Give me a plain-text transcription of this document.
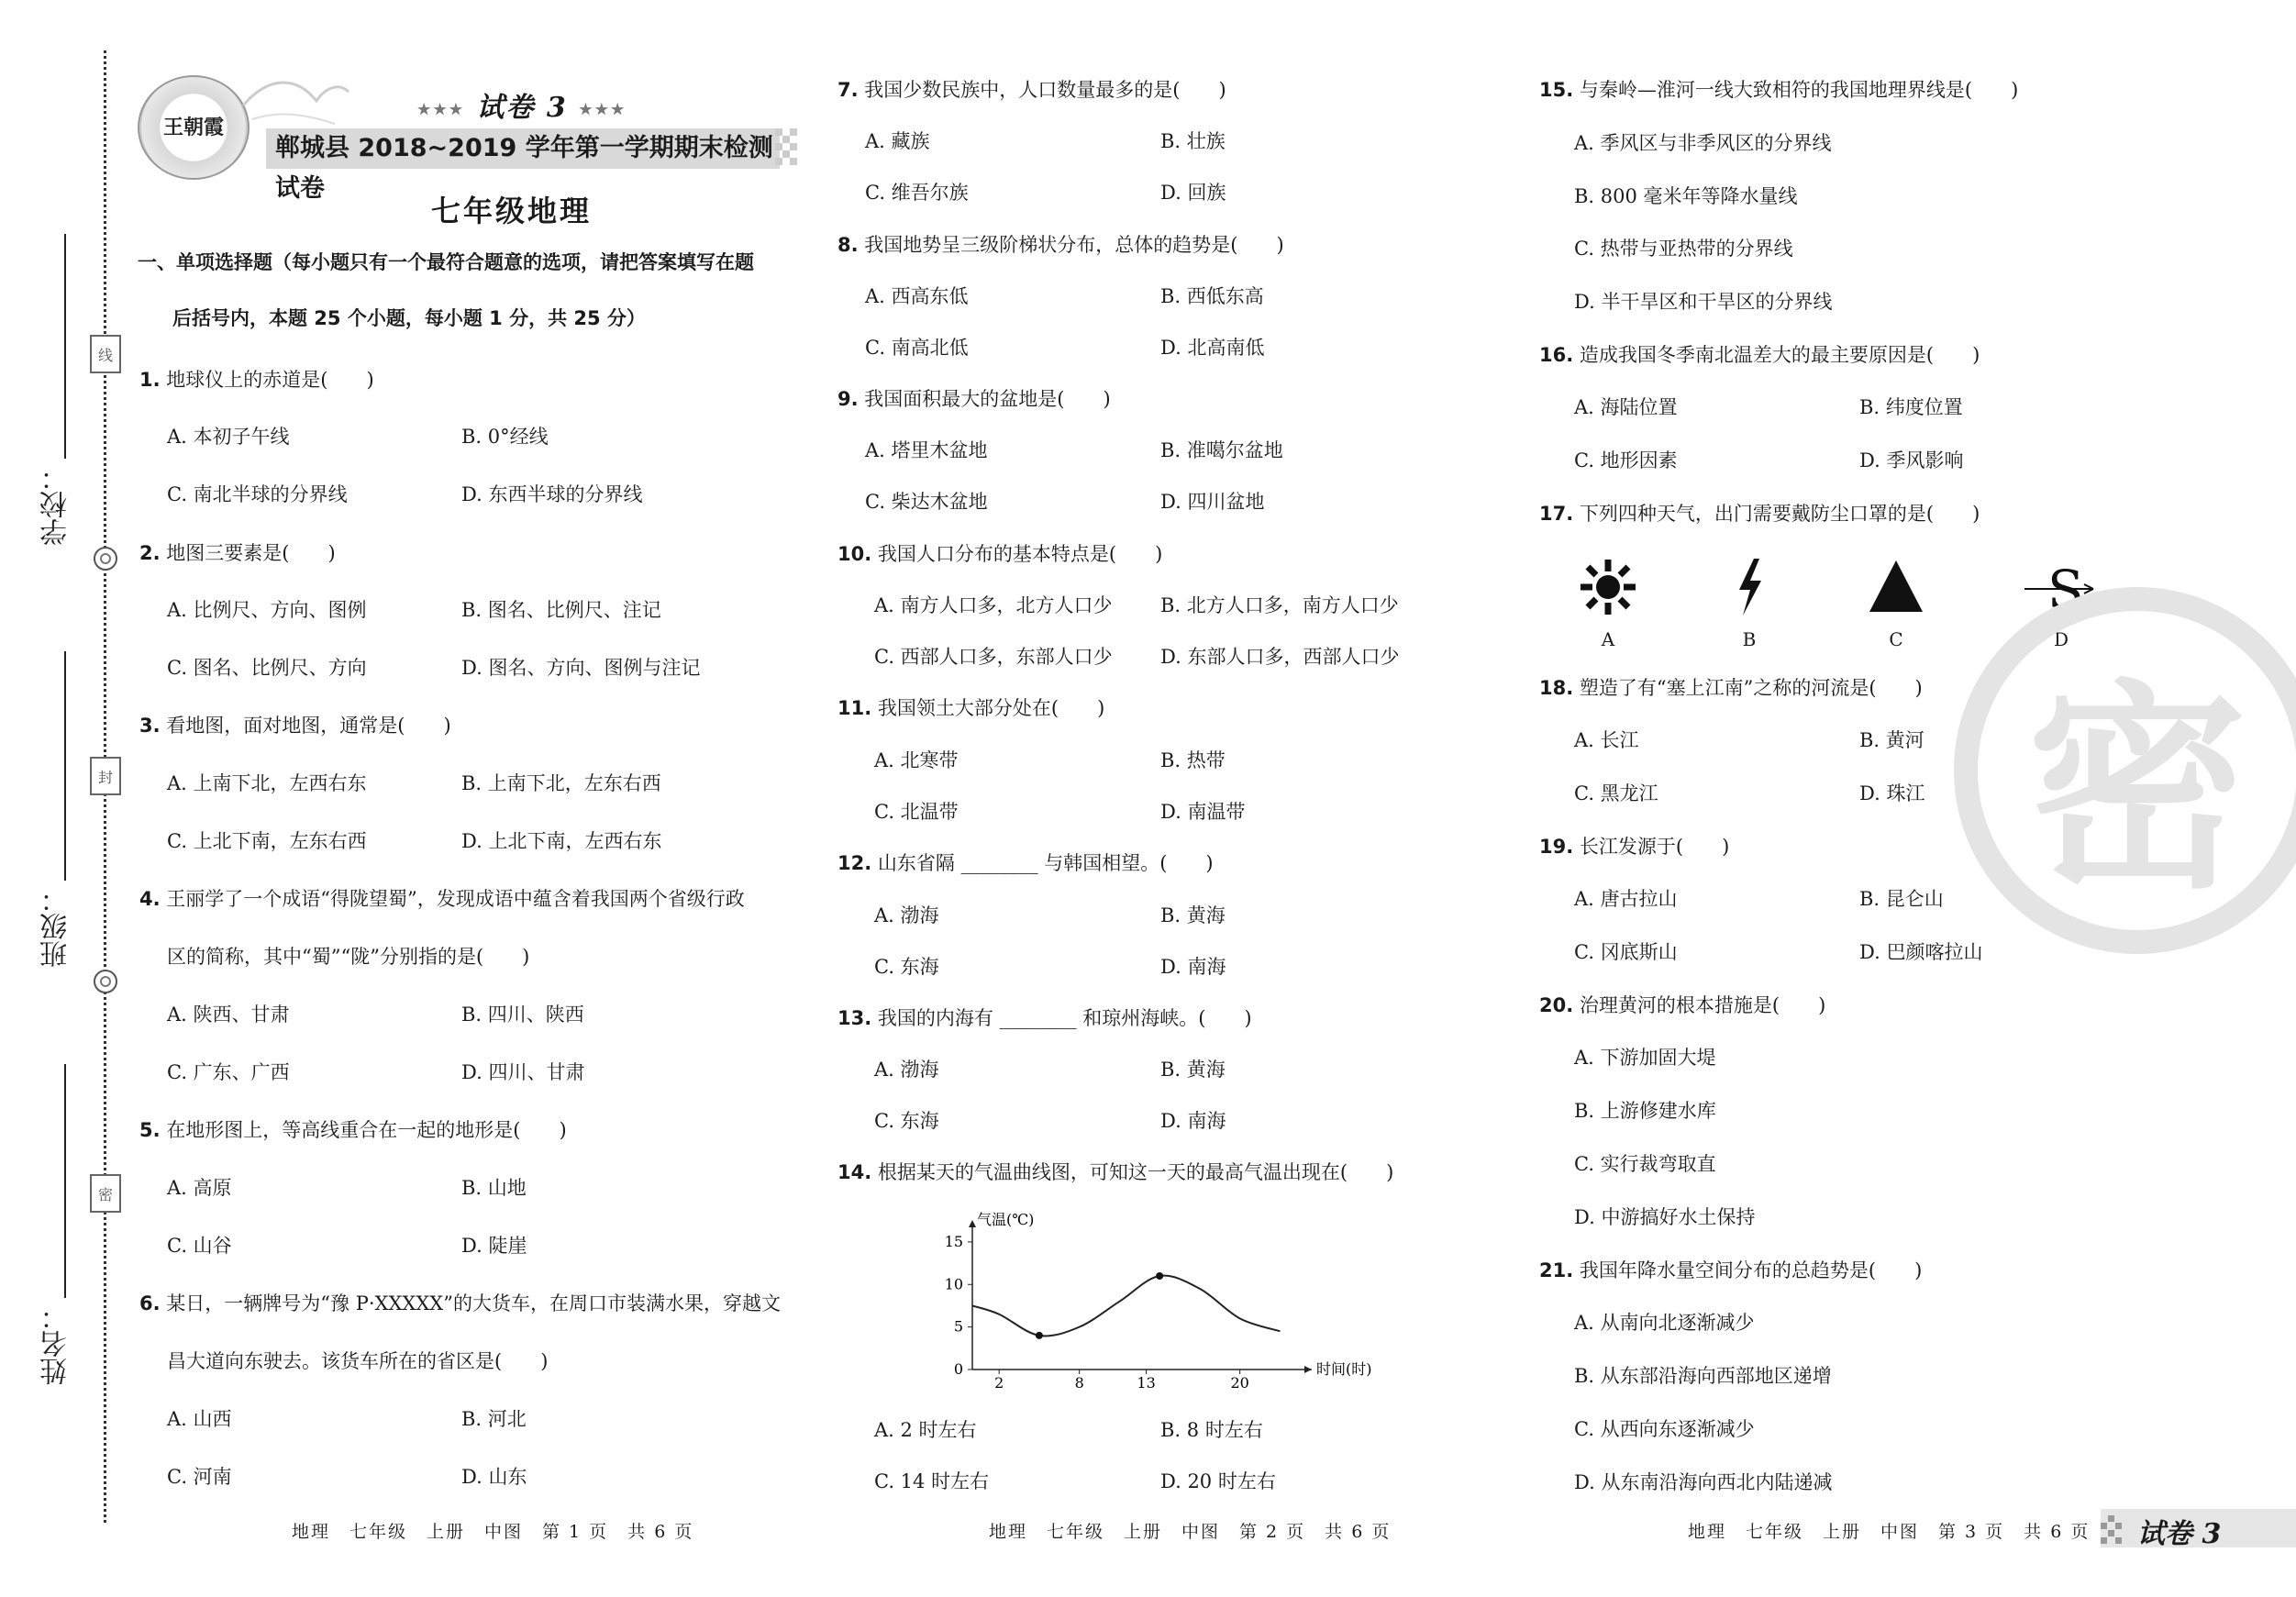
学校：
班级：
姓名：
线
封
密
王朝霞
★★★ 试卷 3 ★★★
郸城县 2018~2019 学年第一学期期末检测试卷
七年级地理
一、单项选择题（每小题只有一个最符合题意的选项，请把答案填写在题
后括号内，本题 25 个小题，每小题 1 分，共 25 分）
1. 地球仪上的赤道是(　　)
A. 本初子午线	B. 0°经线
C. 南北半球的分界线	D. 东西半球的分界线
2. 地图三要素是(　　)
A. 比例尺、方向、图例	B. 图名、比例尺、注记
C. 图名、比例尺、方向	D. 图名、方向、图例与注记
3. 看地图，面对地图，通常是(　　)
A. 上南下北，左西右东	B. 上南下北，左东右西
C. 上北下南，左东右西	D. 上北下南，左西右东
4. 王丽学了一个成语“得陇望蜀”，发现成语中蕴含着我国两个省级行政
区的简称，其中“蜀”“陇”分别指的是(　　)
A. 陕西、甘肃	B. 四川、陕西
C. 广东、广西	D. 四川、甘肃
5. 在地形图上，等高线重合在一起的地形是(　　)
A. 高原	B. 山地
C. 山谷	D. 陡崖
6. 某日，一辆牌号为“豫 P·XXXXX”的大货车，在周口市装满水果，穿越文
昌大道向东驶去。该货车所在的省区是(　　)
A. 山西	B. 河北
C. 河南	D. 山东
地理　七年级　上册　中图　第 1 页　共 6 页
7. 我国少数民族中，人口数量最多的是(　　)
A. 藏族	B. 壮族
C. 维吾尔族	D. 回族
8. 我国地势呈三级阶梯状分布，总体的趋势是(　　)
A. 西高东低	B. 西低东高
C. 南高北低	D. 北高南低
9. 我国面积最大的盆地是(　　)
A. 塔里木盆地	B. 准噶尔盆地
C. 柴达木盆地	D. 四川盆地
10. 我国人口分布的基本特点是(　　)
A. 南方人口多，北方人口少 B. 北方人口多，南方人口少
C. 西部人口多，东部人口少 D. 东部人口多，西部人口少
11. 我国领土大部分处在(　　)
A. 北寒带	B. 热带
C. 北温带	D. 南温带
12. 山东省隔 ________ 与韩国相望。(　　)
A. 渤海	B. 黄海
C. 东海	D. 南海
13. 我国的内海有 ________ 和琼州海峡。(　　)
A. 渤海	B. 黄海
C. 东海	D. 南海
14. 根据某天的气温曲线图，可知这一天的最高气温出现在(　　)
0
5
10
15
2	8	13	20
气温(℃)
时间(时)
A. 2 时左右	B. 8 时左右
C. 14 时左右	D. 20 时左右
地理　七年级　上册　中图　第 2 页　共 6 页
15. 与秦岭—淮河一线大致相符的我国地理界线是(　　)
A. 季风区与非季风区的分界线
B. 800 毫米年等降水量线
C. 热带与亚热带的分界线
D. 半干旱区和干旱区的分界线
16. 造成我国冬季南北温差大的最主要原因是(　　)
A. 海陆位置	B. 纬度位置
C. 地形因素	D. 季风影响
17. 下列四种天气，出门需要戴防尘口罩的是(　　)
A	B	C
S
D
18. 塑造了有“塞上江南”之称的河流是(　　)
A. 长江	B. 黄河
C. 黑龙江	D. 珠江
19. 长江发源于(　　)
A. 唐古拉山	B. 昆仑山
C. 冈底斯山	D. 巴颜喀拉山
20. 治理黄河的根本措施是(　　)
A. 下游加固大堤
B. 上游修建水库
C. 实行裁弯取直
D. 中游搞好水土保持
21. 我国年降水量空间分布的总趋势是(　　)
A. 从南向北逐渐减少
B. 从东部沿海向西部地区递增
C. 从西向东逐渐减少
D. 从东南沿海向西北内陆递减
地理　七年级　上册　中图　第 3 页　共 6 页
密
试卷 3
